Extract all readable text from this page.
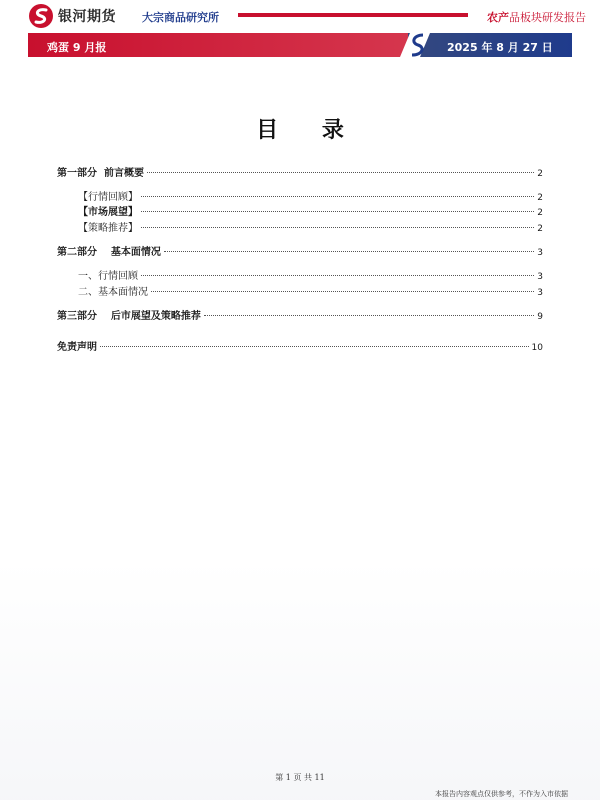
银河期货 大宗商品研究所	农产品板块研发报告
鸡蛋 9 月报	2025 年 8 月 27 日
目 录
第一部分  前言概要	2
【行情回顾】	2
【市场展望】	2
【策略推荐】	2
第二部分    基本面情况	3
一、行情回顾	3
二、基本面情况	3
第三部分    后市展望及策略推荐	9
免责声明	10
第 1 页 共 11
本报告内容观点仅供参考，不作为入市依据
